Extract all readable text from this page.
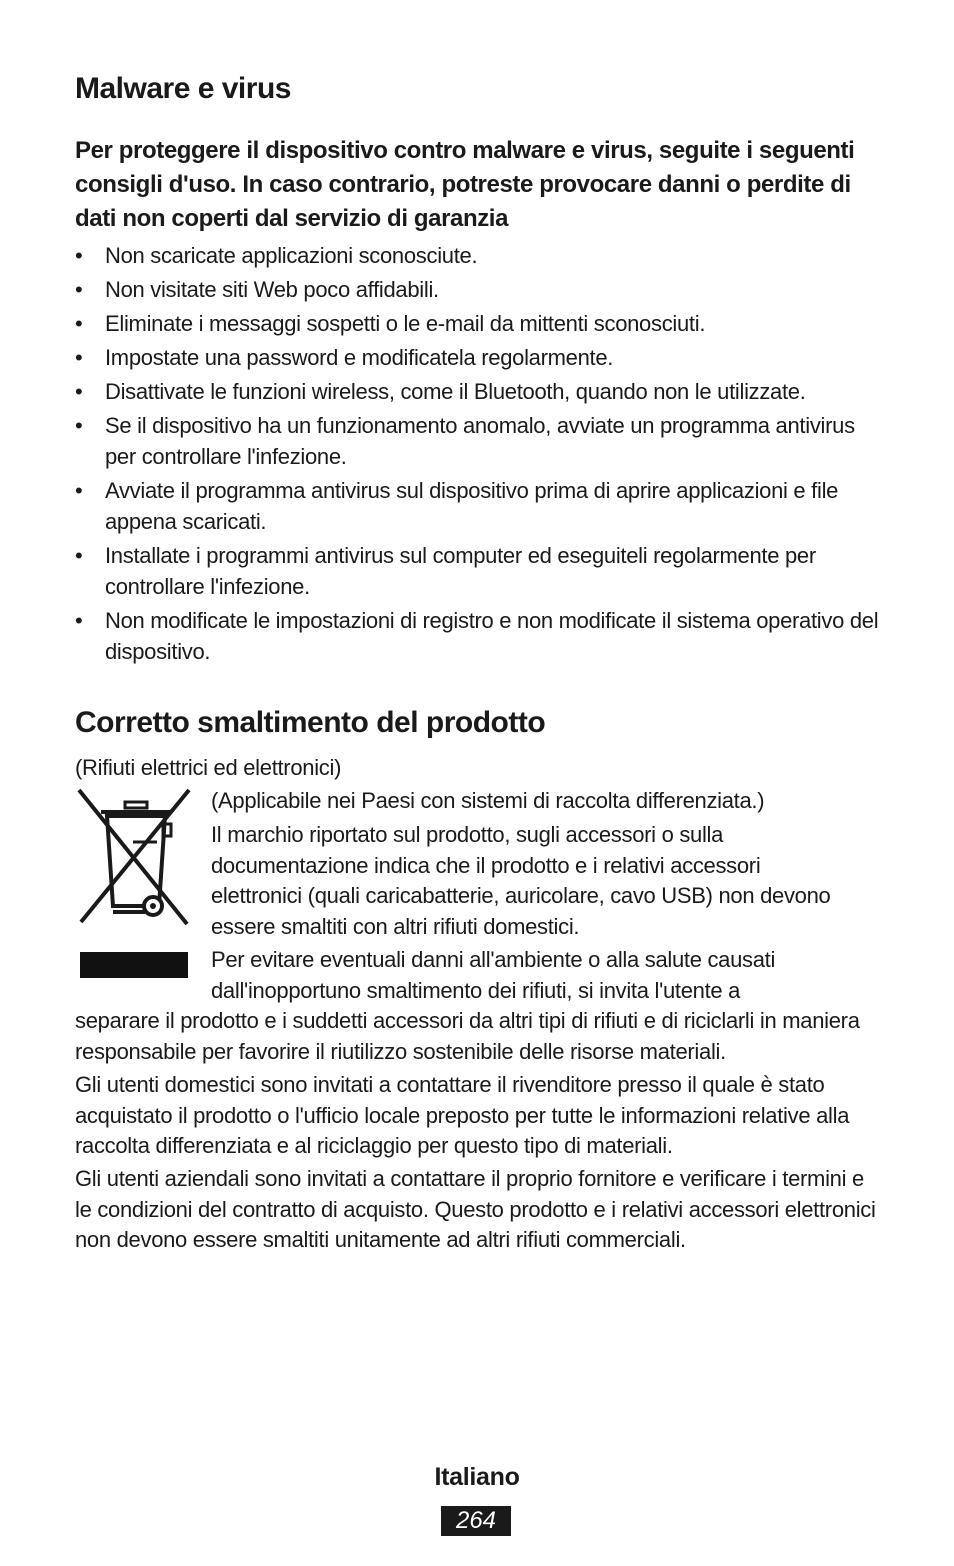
Malware e virus

Per proteggere il dispositivo contro malware e virus, seguite i seguenti consigli d'uso. In caso contrario, potreste provocare danni o perdite di dati non coperti dal servizio di garanzia

• Non scaricate applicazioni sconosciute.
• Non visitate siti Web poco affidabili.
• Eliminate i messaggi sospetti o le e-mail da mittenti sconosciuti.
• Impostate una password e modificatela regolarmente.
• Disattivate le funzioni wireless, come il Bluetooth, quando non le utilizzate.
• Se il dispositivo ha un funzionamento anomalo, avviate un programma antivirus per controllare l'infezione.
• Avviate il programma antivirus sul dispositivo prima di aprire applicazioni e file appena scaricati.
• Installate i programmi antivirus sul computer ed eseguiteli regolarmente per controllare l'infezione.
• Non modificate le impostazioni di registro e non modificate il sistema operativo del dispositivo.
Corretto smaltimento del prodotto

(Rifiuti elettrici ed elettronici)

(Applicabile nei Paesi con sistemi di raccolta differenziata.)

Il marchio riportato sul prodotto, sugli accessori o sulla
documentazione indica che il prodotto e i relativi accessori
elettronici (quali caricabatterie, auricolare, cavo USB) non devono
essere smaltiti con altri rifiuti domestici.
Per evitare eventuali danni all'ambiente o alla salute causati
dall'inopportuno smaltimento dei rifiuti, si invita l'utente a

separare il prodotto e i suddetti accessori da altri tipi di rifiuti e di riciclarli in maniera responsabile per favorire il riutilizzo sostenibile delle risorse materiali.

Gli utenti domestici sono invitati a contattare il rivenditore presso il quale è stato acquistato il prodotto o l'ufficio locale preposto per tutte le informazioni relative alla raccolta differenziata e al riciclaggio per questo tipo di materiali.

Gli utenti aziendali sono invitati a contattare il proprio fornitore e verificare i termini e le condizioni del contratto di acquisto. Questo prodotto e i relativi accessori elettronici non devono essere smaltiti unitamente ad altri rifiuti commerciali.

Italiano
264
